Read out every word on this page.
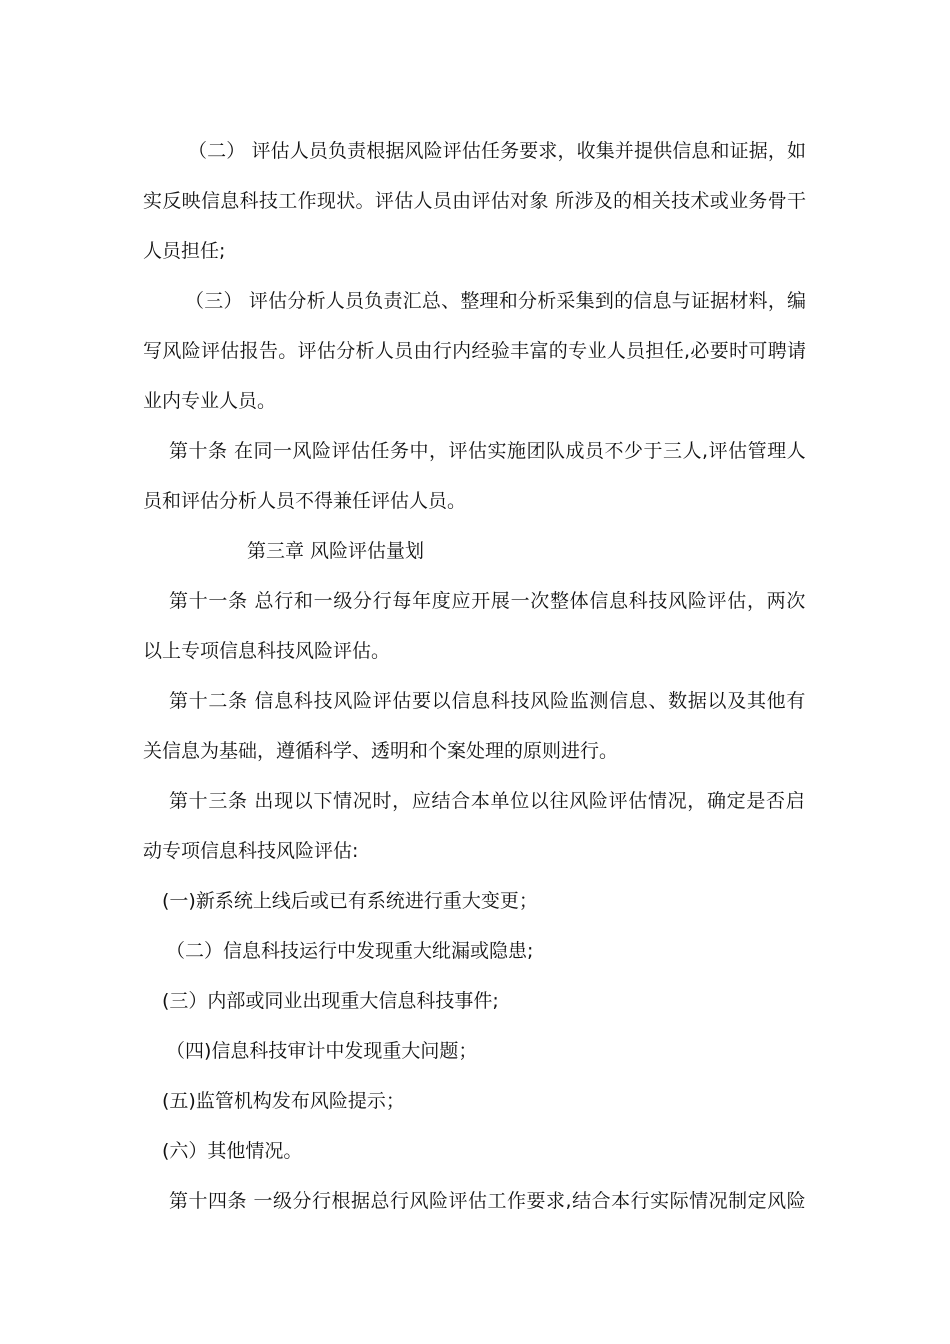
（二） 评估人员负责根据风险评估任务要求，收集并提供信息和证据，如
实反映信息科技工作现状。评估人员由评估对象 所涉及的相关技术或业务骨干
人员担任;
（三） 评估分析人员负责汇总、整理和分析采集到的信息与证据材料，编
写风险评估报告。评估分析人员由行内经验丰富的专业人员担任,必要时可聘请
业内专业人员。
第十条 在同一风险评估任务中，评估实施团队成员不少于三人,评估管理人
员和评估分析人员不得兼任评估人员。
第三章 风险评估量划
第十一条 总行和一级分行每年度应开展一次整体信息科技风险评估，两次
以上专项信息科技风险评估。
第十二条 信息科技风险评估要以信息科技风险监测信息、数据以及其他有
关信息为基础，遵循科学、透明和个案处理的原则进行。
第十三条 出现以下情况时，应结合本单位以往风险评估情况，确定是否启
动专项信息科技风险评估:
(一)新系统上线后或已有系统进行重大变更；
（二）信息科技运行中发现重大纰漏或隐患;
(三）内部或同业出现重大信息科技事件;
（四)信息科技审计中发现重大问题；
(五)监管机构发布风险提示；
(六）其他情况。
第十四条 一级分行根据总行风险评估工作要求,结合本行实际情况制定风险
